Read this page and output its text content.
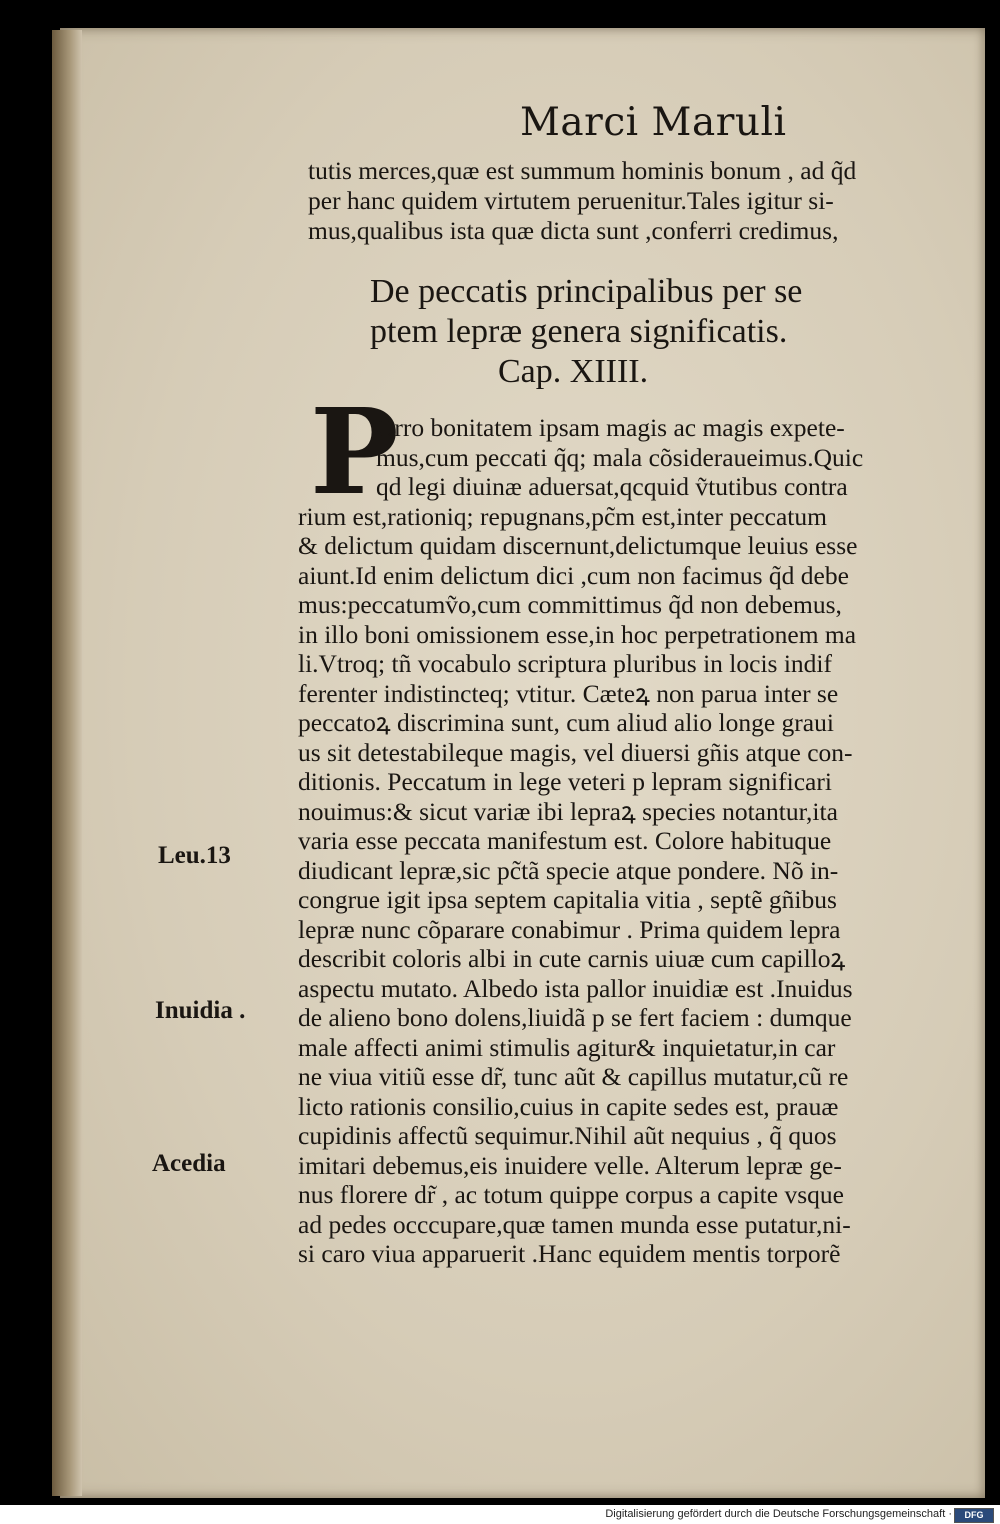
Marci Maruli
tutis merces,quæ est summum hominis bonum , ad q̃d
per hanc quidem virtutem peruenitur.Tales igitur si-
mus,qualibus ista quæ dicta sunt ,conferri credimus,
De peccatis principalibus per se
ptem lepræ genera significatis.
Cap. XIIII.
P
Orro bonitatem ipsam magis ac magis expete-
mus,cum peccati q̃q; mala cõsideraueimus.Quic
qd legi diuinæ aduersat,qcquid ṽtutibus contra
rium est,rationiq; repugnans,pc̃m est,inter peccatum
& delictum quidam discernunt,delictumque leuius esse
aiunt.Id enim delictum dici ,cum non facimus q̃d debe
mus:peccatumṽo,cum committimus q̃d non debemus,
in illo boni omissionem esse,in hoc perpetrationem ma
li.Vtroq; tñ vocabulo scriptura pluribus in locis indif
ferenter indistincteq; vtitur. Cæteꝝ non parua inter se
peccatoꝝ discrimina sunt, cum aliud alio longe graui
us sit detestabileque magis, vel diuersi gñis atque con-
ditionis. Peccatum in lege veteri p lepram significari
nouimus:& sicut variæ ibi lepraꝝ species notantur,ita
varia esse peccata manifestum est. Colore habituque
diudicant lepræ,sic pc̃tã specie atque pondere. Nõ in-
congrue igit ipsa septem capitalia vitia , septẽ gñibus
lepræ nunc cõparare conabimur . Prima quidem lepra
describit coloris albi in cute carnis uiuæ cum capilloꝝ
aspectu mutato. Albedo ista pallor inuidiæ est .Inuidus
de alieno bono dolens,liuidã p se fert faciem : dumque
male affecti animi stimulis agitur& inquietatur,in car
ne viua vitiũ esse dr̃, tunc aũt & capillus mutatur,cũ re
licto rationis consilio,cuius in capite sedes est, prauæ
cupidinis affectũ sequimur.Nihil aũt nequius , q̃ quos
imitari debemus,eis inuidere velle. Alterum lepræ ge-
nus florere dr̃ , ac totum quippe corpus a capite vsque
ad pedes occcupare,quæ tamen munda esse putatur,ni-
si caro viua apparuerit .Hanc equidem mentis torporẽ
Leu.13
Inuidia .
Acedia
Digitalisierung gefördert durch die Deutsche Forschungsgemeinschaft ·	DFG
